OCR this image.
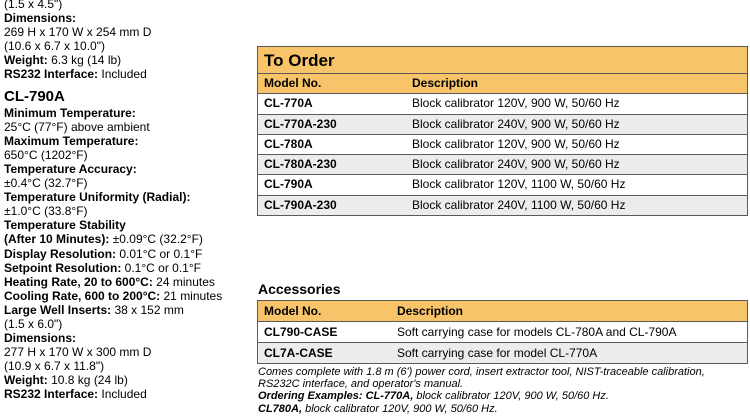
(1.5 x 4.5")
Dimensions:
269 H x 170 W x 254 mm D
(10.6 x 6.7 x 10.0")
Weight: 6.3 kg (14 lb)
RS232 Interface: Included
CL-790A
Minimum Temperature:
25°C (77°F) above ambient
Maximum Temperature:
650°C (1202°F)
Temperature Accuracy:
±0.4°C (32.7°F)
Temperature Uniformity (Radial):
±1.0°C (33.8°F)
Temperature Stability
(After 10 Minutes): ±0.09°C (32.2°F)
Display Resolution: 0.01°C or 0.1°F
Setpoint Resolution: 0.1°C or 0.1°F
Heating Rate, 20 to 600°C: 24 minutes
Cooling Rate, 600 to 200°C: 21 minutes
Large Well Inserts: 38 x 152 mm
(1.5 x 6.0")
Dimensions:
277 H x 170 W x 300 mm D
(10.9 x 6.7 x 11.8")
Weight: 10.8 kg (24 lb)
RS232 Interface: Included
To Order
Model No.	Description
CL-770A	Block calibrator 120V, 900 W, 50/60 Hz
CL-770A-230	Block calibrator 240V, 900 W, 50/60 Hz
CL-780A	Block calibrator 120V, 900 W, 50/60 Hz
CL-780A-230	Block calibrator 240V, 900 W, 50/60 Hz
CL-790A	Block calibrator 120V, 1100 W, 50/60 Hz
CL-790A-230	Block calibrator 240V, 1100 W, 50/60 Hz
Accessories
Model No.	Description
CL790-CASE	Soft carrying case for models CL-780A and CL-790A
CL7A-CASE	Soft carrying case for model CL-770A
Comes complete with 1.8 m (6') power cord, insert extractor tool, NIST-traceable calibration, RS232C interface, and operator's manual.
Ordering Examples: CL-770A, block calibrator 120V, 900 W, 50/60 Hz.
CL780A, block calibrator 120V, 900 W, 50/60 Hz.
